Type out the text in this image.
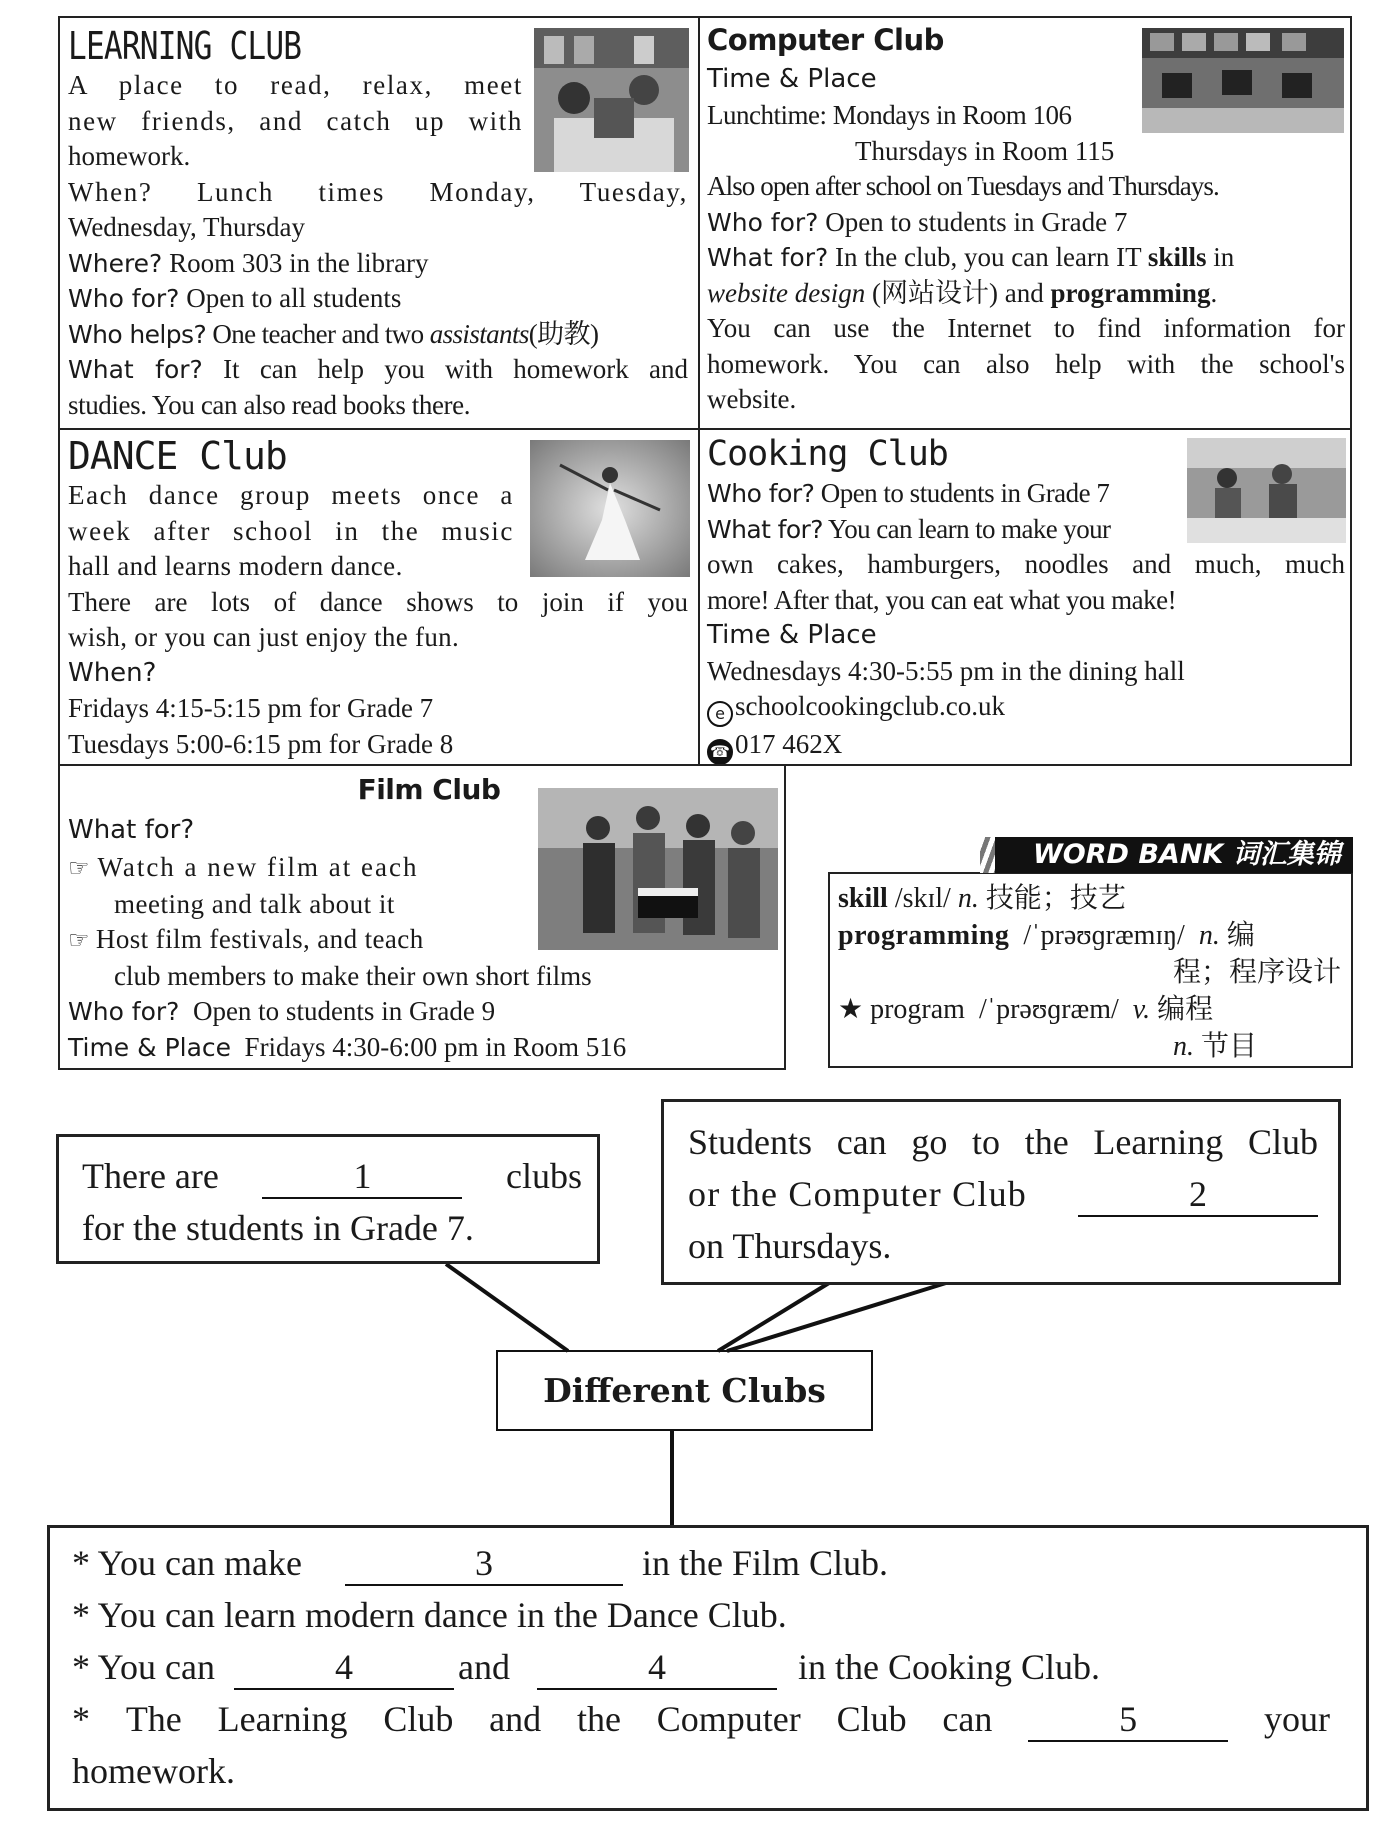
LEARNING CLUB
A place to read, relax, meet
new friends, and catch up with
homework.
When? Lunch times Monday, Tuesday,
Wednesday, Thursday
Where? Room 303 in the library
Who for? Open to all students
Who helps? One teacher and two assistants(助教)
What for? It can help you with homework and
studies. You can also read books there.
Computer Club
Time & Place
Lunchtime: Mondays in Room 106
Thursdays in Room 115
Also open after school on Tuesdays and Thursdays.
Who for? Open to students in Grade 7
What for? In the club, you can learn IT skills in
website design (网站设计) and programming.
You can use the Internet to find information for
homework. You can also help with the school's
website.
DANCE Club
Each dance group meets once a
week after school in the music
hall and learns modern dance.
There are lots of dance shows to join if you
wish, or you can just enjoy the fun.
When?
Fridays 4:15-5:15 pm for Grade 7
Tuesdays 5:00-6:15 pm for Grade 8
Cooking Club
Who for? Open to students in Grade 7
What for? You can learn to make your
own cakes, hamburgers, noodles and much, much
more! After that, you can eat what you make!
Time & Place
Wednesdays 4:30-5:55 pm in the dining hall
e schoolcookingclub.co.uk
☎ 017 462X
Film Club
What for?
☞ Watch a new film at each
meeting and talk about it
☞ Host film festivals, and teach
club members to make their own short films
Who for? Open to students in Grade 9
Time & Place Fridays 4:30-6:00 pm in Room 516
WORD BANK 词汇集锦
skill /skɪl/ n. 技能；技艺
programming /ˈprəʊɡræmɪŋ/ n. 编
程；程序设计
★ program /ˈprəʊɡræm/ v. 编程
n. 节目
There are	1	clubs
for the students in Grade 7.
Students can go to the Learning Club
or the Computer Club	2
on Thursdays.
Different Clubs
* You can make	3	in the Film Club.
* You can learn modern dance in the Dance Club.
* You can	4	and	4	in the Cooking Club.
* The Learning Club and the Computer Club can	5	your
homework.
